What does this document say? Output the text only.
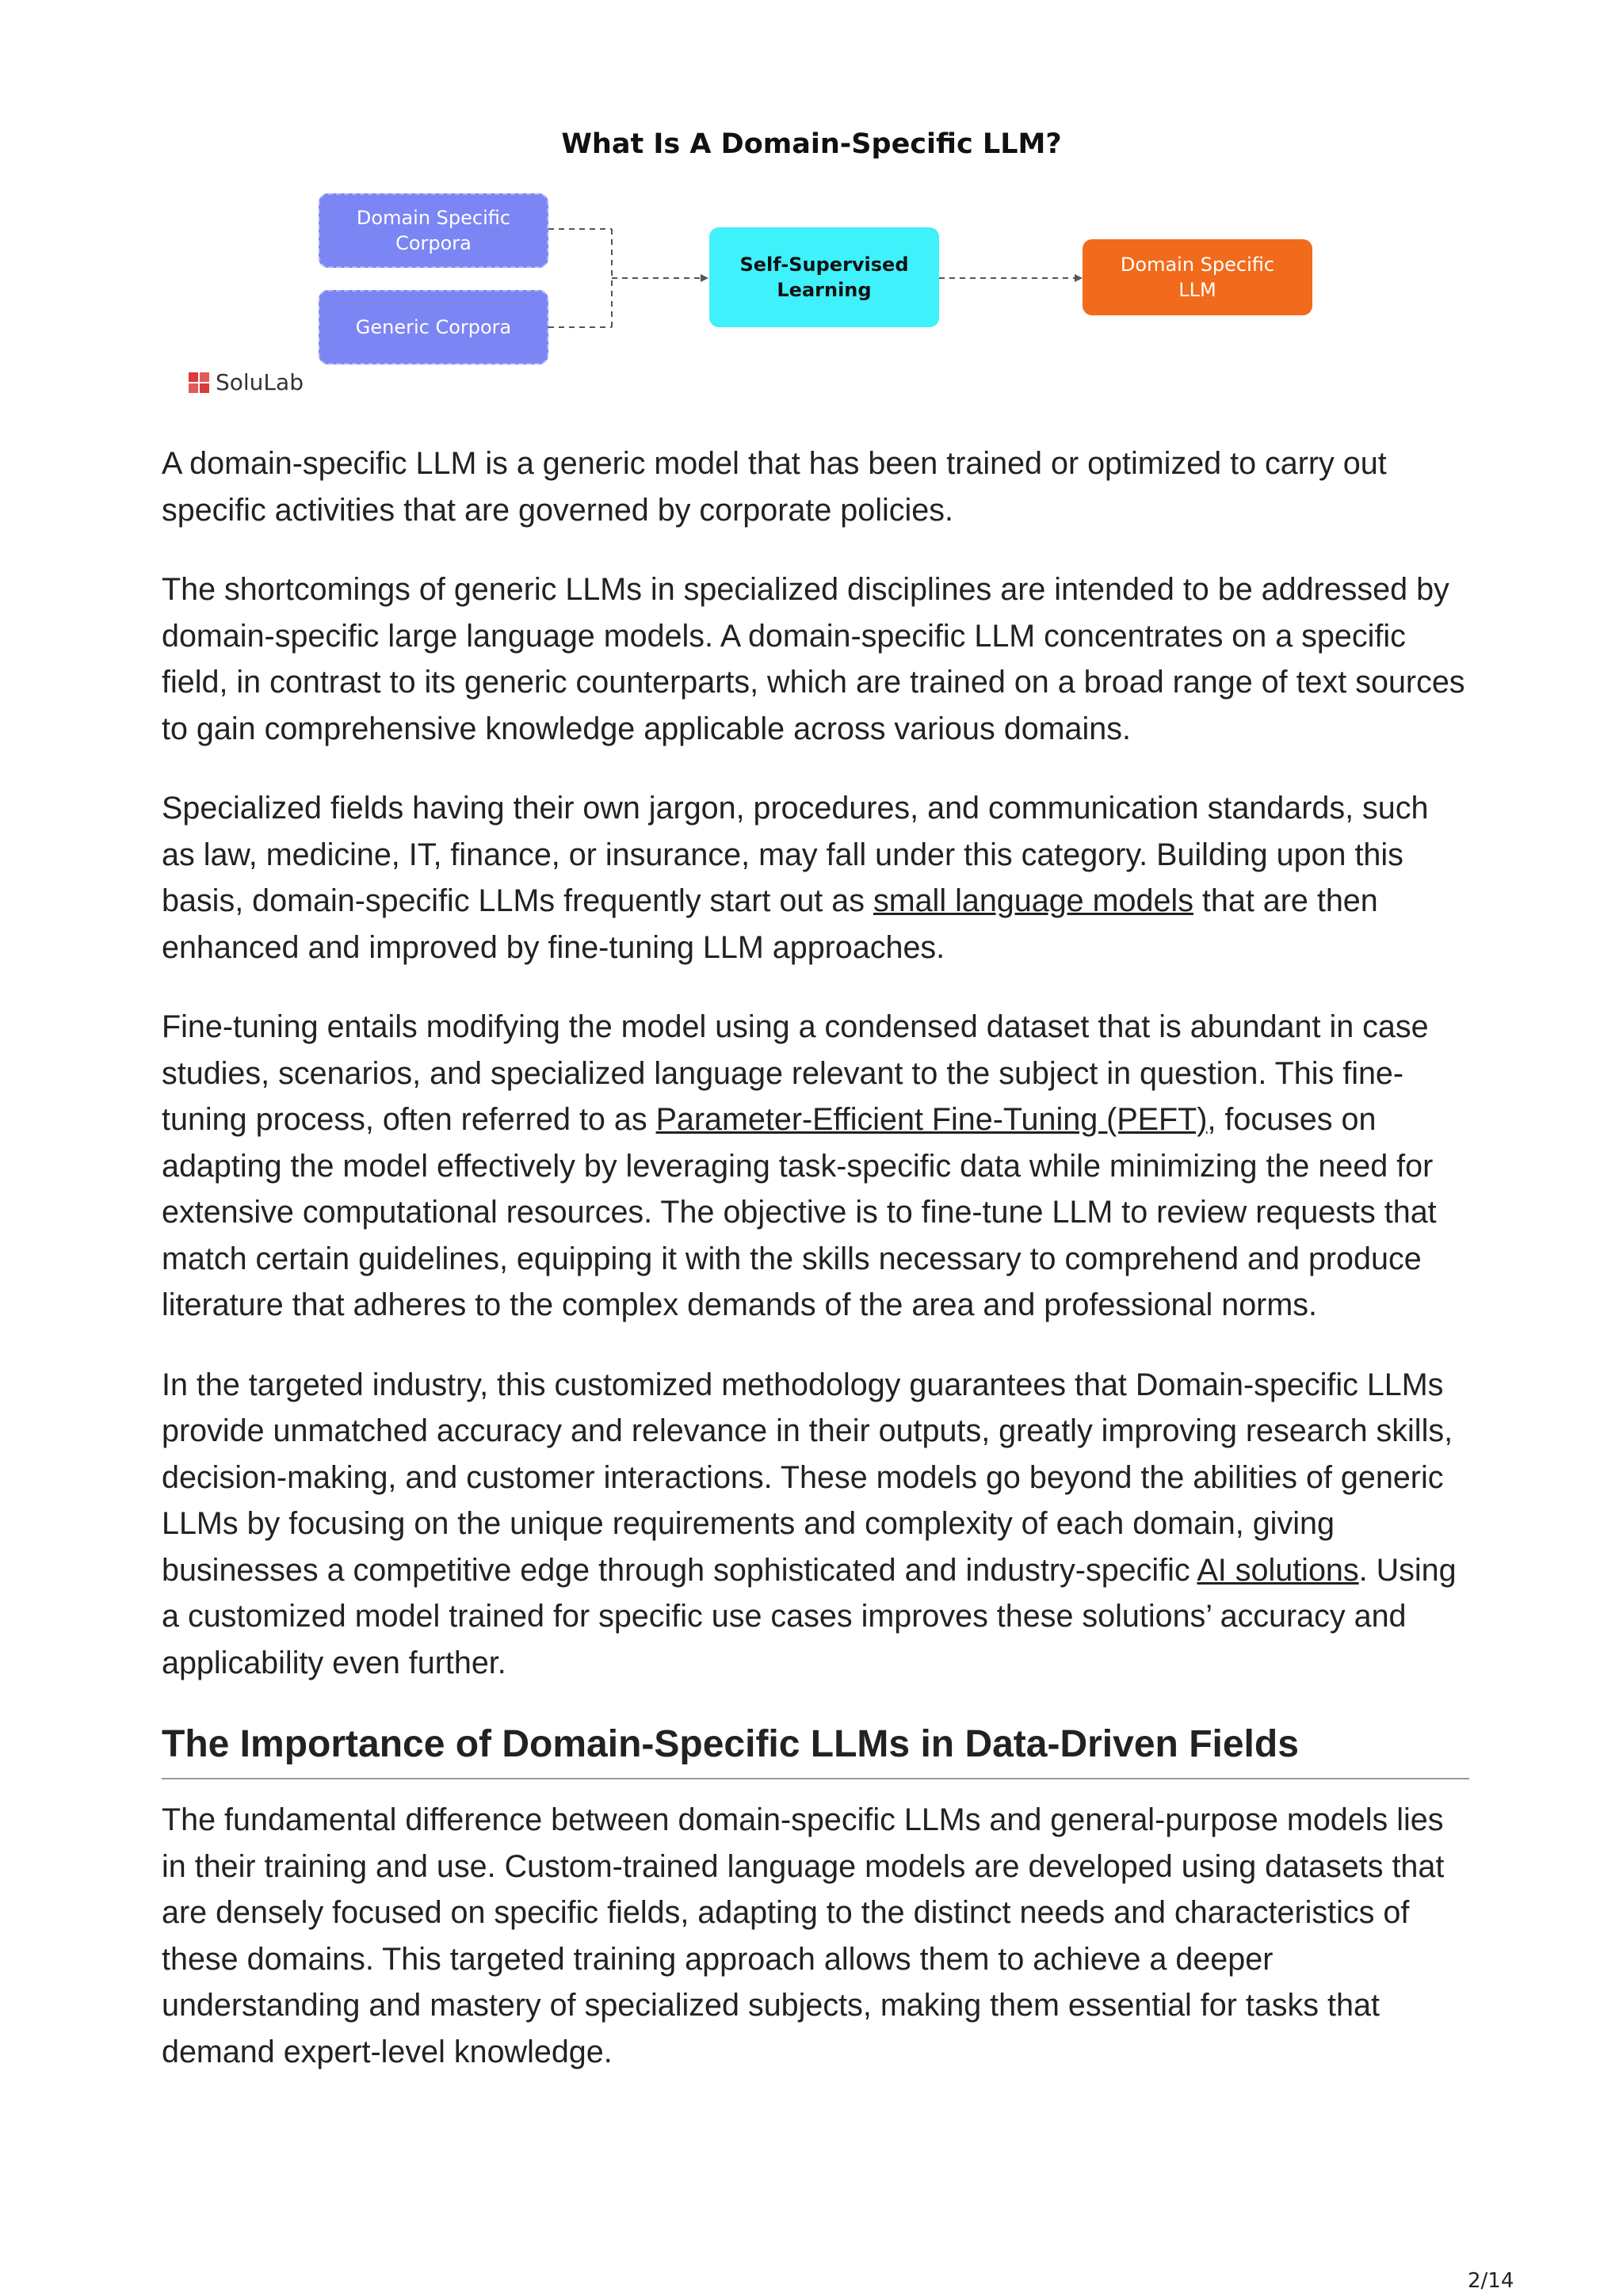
What Is A Domain-Specific LLM?
Domain Specific
Corpora
Generic Corpora
Self-Supervised
Learning
Domain Specific
LLM
SoluLab

A domain-specific LLM is a generic model that has been trained or optimized to carry out specific activities that are governed by corporate policies.

The shortcomings of generic LLMs in specialized disciplines are intended to be addressed by domain-specific large language models. A domain-specific LLM concentrates on a specific field, in contrast to its generic counterparts, which are trained on a broad range of text sources to gain comprehensive knowledge applicable across various domains.

Specialized fields having their own jargon, procedures, and communication standards, such as law, medicine, IT, finance, or insurance, may fall under this category. Building upon this basis, domain-specific LLMs frequently start out as small language models that are then enhanced and improved by fine-tuning LLM approaches.

Fine-tuning entails modifying the model using a condensed dataset that is abundant in case studies, scenarios, and specialized language relevant to the subject in question. This fine-tuning process, often referred to as Parameter-Efficient Fine-Tuning (PEFT), focuses on adapting the model effectively by leveraging task-specific data while minimizing the need for extensive computational resources. The objective is to fine-tune LLM to review requests that match certain guidelines, equipping it with the skills necessary to comprehend and produce literature that adheres to the complex demands of the area and professional norms.

In the targeted industry, this customized methodology guarantees that Domain-specific LLMs provide unmatched accuracy and relevance in their outputs, greatly improving research skills, decision-making, and customer interactions. These models go beyond the abilities of generic LLMs by focusing on the unique requirements and complexity of each domain, giving businesses a competitive edge through sophisticated and industry-specific AI solutions. Using a customized model trained for specific use cases improves these solutions’ accuracy and applicability even further.

The Importance of Domain-Specific LLMs in Data-Driven Fields

The fundamental difference between domain-specific LLMs and general-purpose models lies in their training and use. Custom-trained language models are developed using datasets that are densely focused on specific fields, adapting to the distinct needs and characteristics of these domains. This targeted training approach allows them to achieve a deeper understanding and mastery of specialized subjects, making them essential for tasks that demand expert-level knowledge.

2/14
